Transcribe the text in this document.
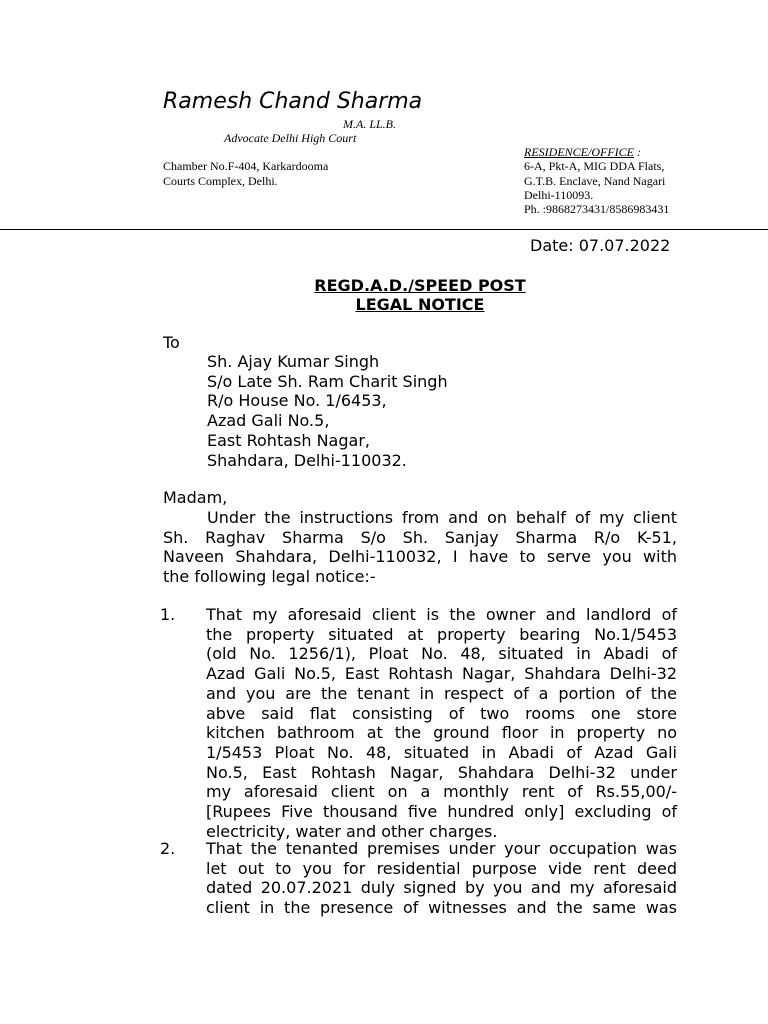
Ramesh Chand Sharma
M.A. LL.B.
Advocate Delhi High Court
Chamber No.F-404, Karkardooma
Courts Complex, Delhi.
RESIDENCE/OFFICE :
6-A, Pkt-A, MIG DDA Flats,
G.T.B. Enclave, Nand Nagari
Delhi-110093.
Ph. :9868273431/8586983431
Date: 07.07.2022
REGD.A.D./SPEED POST
LEGAL NOTICE
To
Sh. Ajay Kumar Singh
S/o Late Sh. Ram Charit Singh
R/o House No. 1/6453,
Azad Gali No.5,
East Rohtash Nagar,
Shahdara, Delhi-110032.
Madam,
Under the instructions from and on behalf of my client
Sh. Raghav Sharma S/o Sh. Sanjay Sharma R/o K-51,
Naveen Shahdara, Delhi-110032, I have to serve you with
the following legal notice:-
1. That my aforesaid client is the owner and landlord of
the property situated at property bearing No.1/5453
(old No. 1256/1), Ploat No. 48, situated in Abadi of
Azad Gali No.5, East Rohtash Nagar, Shahdara Delhi-32
and you are the tenant in respect of a portion of the
abve said flat consisting of two rooms one store
kitchen bathroom at the ground floor in property no
1/5453 Ploat No. 48, situated in Abadi of Azad Gali
No.5, East Rohtash Nagar, Shahdara Delhi-32 under
my aforesaid client on a monthly rent of Rs.55,00/-
[Rupees Five thousand five hundred only] excluding of
electricity, water and other charges.
2. That the tenanted premises under your occupation was
let out to you for residential purpose vide rent deed
dated 20.07.2021 duly signed by you and my aforesaid
client in the presence of witnesses and the same was
